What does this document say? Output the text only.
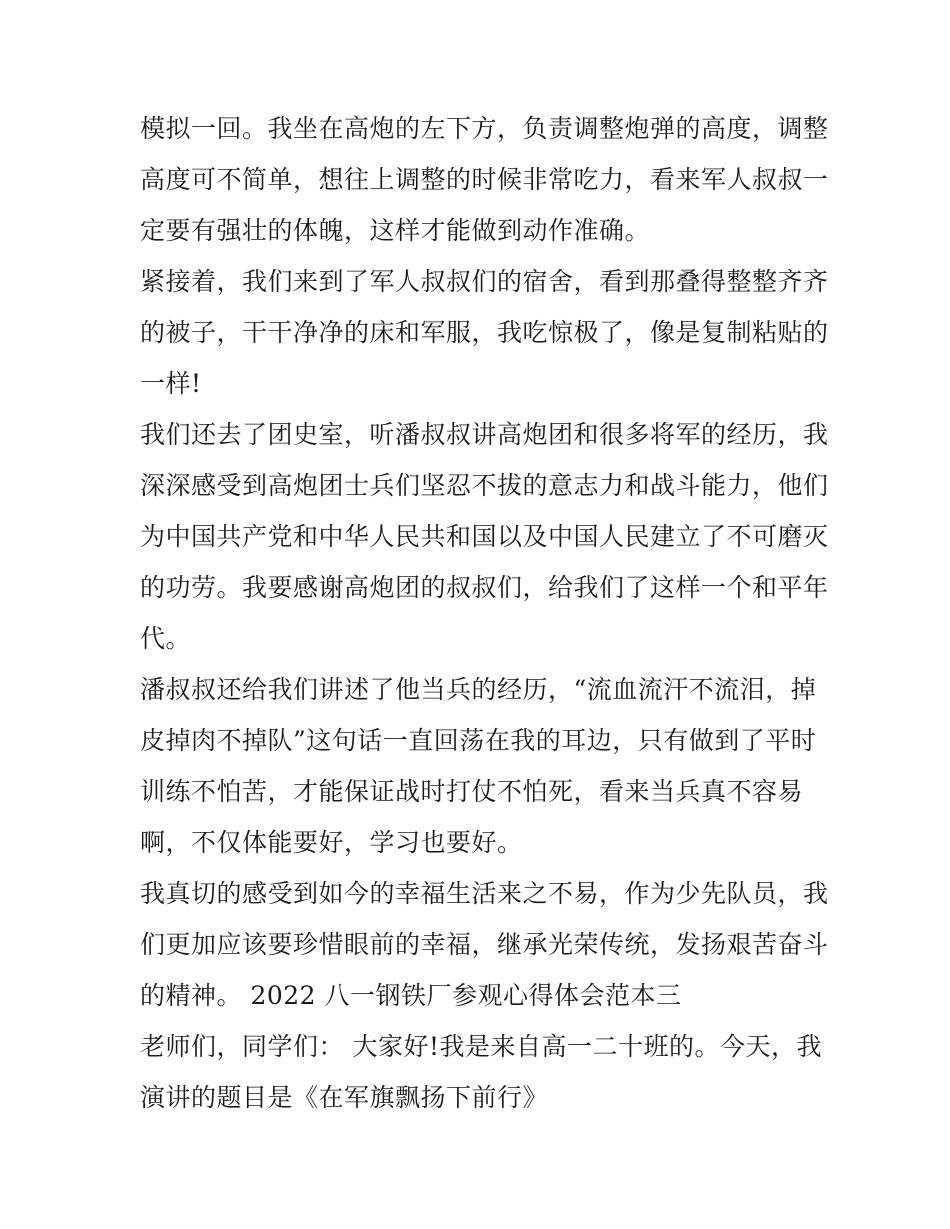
模拟一回。我坐在高炮的左下方，负责调整炮弹的高度，调整
高度可不简单，想往上调整的时候非常吃力，看来军人叔叔一
定要有强壮的体魄，这样才能做到动作准确。
紧接着，我们来到了军人叔叔们的宿舍，看到那叠得整整齐齐
的被子，干干净净的床和军服，我吃惊极了，像是复制粘贴的
一样!
我们还去了团史室，听潘叔叔讲高炮团和很多将军的经历，我
深深感受到高炮团士兵们坚忍不拔的意志力和战斗能力，他们
为中国共产党和中华人民共和国以及中国人民建立了不可磨灭
的功劳。我要感谢高炮团的叔叔们，给我们了这样一个和平年
代。
潘叔叔还给我们讲述了他当兵的经历，“流血流汗不流泪，掉
皮掉肉不掉队”这句话一直回荡在我的耳边，只有做到了平时
训练不怕苦，才能保证战时打仗不怕死，看来当兵真不容易
啊，不仅体能要好，学习也要好。
我真切的感受到如今的幸福生活来之不易，作为少先队员，我
们更加应该要珍惜眼前的幸福，继承光荣传统，发扬艰苦奋斗
的精神。 2022 八一钢铁厂参观心得体会范本三
老师们，同学们： 大家好!我是来自高一二十班的。今天，我
演讲的题目是《在军旗飘扬下前行》
